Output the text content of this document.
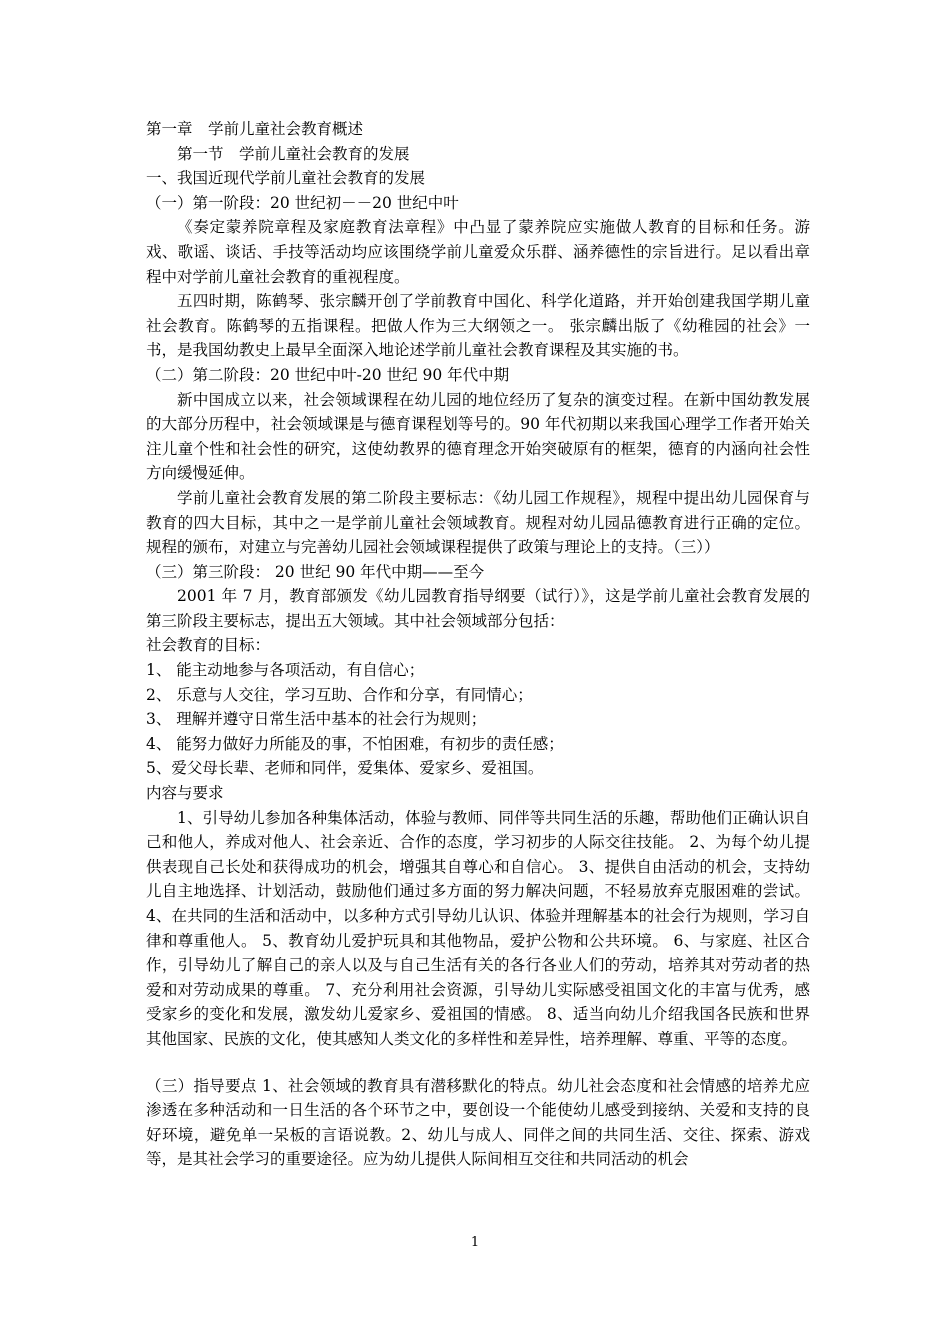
第一章　学前儿童社会教育概述
第一节　学前儿童社会教育的发展
一、我国近现代学前儿童社会教育的发展
（一）第一阶段：20 世纪初－－20 世纪中叶
《奏定蒙养院章程及家庭教育法章程》中凸显了蒙养院应实施做人教育的目标和任务。游戏、歌谣、谈话、手技等活动均应该围绕学前儿童爱众乐群、涵养德性的宗旨进行。足以看出章程中对学前儿童社会教育的重视程度。
五四时期，陈鹤琴、张宗麟开创了学前教育中国化、科学化道路，并开始创建我国学期儿童社会教育。陈鹤琴的五指课程。把做人作为三大纲领之一。 张宗麟出版了《幼稚园的社会》一书，是我国幼教史上最早全面深入地论述学前儿童社会教育课程及其实施的书。
（二）第二阶段：20 世纪中叶-20 世纪 90 年代中期
新中国成立以来，社会领域课程在幼儿园的地位经历了复杂的演变过程。在新中国幼教发展的大部分历程中，社会领域课是与德育课程划等号的。90 年代初期以来我国心理学工作者开始关注儿童个性和社会性的研究，这使幼教界的德育理念开始突破原有的框架，德育的内涵向社会性方向缓慢延伸。
学前儿童社会教育发展的第二阶段主要标志：《幼儿园工作规程》，规程中提出幼儿园保育与教育的四大目标，其中之一是学前儿童社会领域教育。规程对幼儿园品德教育进行正确的定位。规程的颁布，对建立与完善幼儿园社会领域课程提供了政策与理论上的支持。（三））
（三）第三阶段： 20 世纪 90 年代中期——至今
2001 年 7 月，教育部颁发《幼儿园教育指导纲要（试行）》，这是学前儿童社会教育发展的第三阶段主要标志，提出五大领域。其中社会领域部分包括：
社会教育的目标：
1、 能主动地参与各项活动，有自信心；
2、 乐意与人交往，学习互助、合作和分享，有同情心；
3、 理解并遵守日常生活中基本的社会行为规则；
4、 能努力做好力所能及的事，不怕困难，有初步的责任感；
5、爱父母长辈、老师和同伴，爱集体、爱家乡、爱祖国。
内容与要求
1、引导幼儿参加各种集体活动，体验与教师、同伴等共同生活的乐趣，帮助他们正确认识自己和他人，养成对他人、社会亲近、合作的态度，学习初步的人际交往技能。 2、为每个幼儿提供表现自己长处和获得成功的机会，增强其自尊心和自信心。 3、提供自由活动的机会，支持幼儿自主地选择、计划活动，鼓励他们通过多方面的努力解决问题，不轻易放弃克服困难的尝试。 4、在共同的生活和活动中，以多种方式引导幼儿认识、体验并理解基本的社会行为规则，学习自律和尊重他人。 5、教育幼儿爱护玩具和其他物品，爱护公物和公共环境。 6、与家庭、社区合作，引导幼儿了解自己的亲人以及与自己生活有关的各行各业人们的劳动，培养其对劳动者的热爱和对劳动成果的尊重。 7、充分利用社会资源，引导幼儿实际感受祖国文化的丰富与优秀，感受家乡的变化和发展，激发幼儿爱家乡、爱祖国的情感。 8、适当向幼儿介绍我国各民族和世界其他国家、民族的文化，使其感知人类文化的多样性和差异性，培养理解、尊重、平等的态度。
（三）指导要点 1、社会领域的教育具有潜移默化的特点。幼儿社会态度和社会情感的培养尤应渗透在多种活动和一日生活的各个环节之中，要创设一个能使幼儿感受到接纳、关爱和支持的良好环境，避免单一呆板的言语说教。2、幼儿与成人、同伴之间的共同生活、交往、探索、游戏等，是其社会学习的重要途径。应为幼儿提供人际间相互交往和共同活动的机会
1
